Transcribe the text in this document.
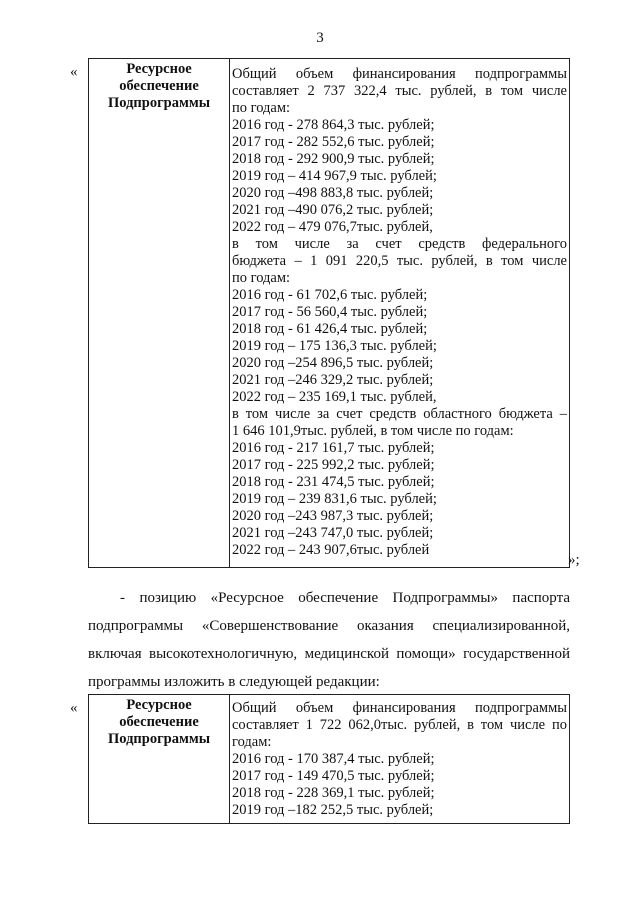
3
«	Ресурсное
обеспечение
Подпрограммы

Общий объем финансирования подпрограммы
составляет 2 737 322,4 тыс. рублей, в том числе
по годам:
2016 год - 278 864,3 тыс. рублей;
2017 год - 282 552,6 тыс. рублей;
2018 год - 292 900,9 тыс. рублей;
2019 год – 414 967,9 тыс. рублей;
2020 год –498 883,8 тыс. рублей;
2021 год –490 076,2 тыс. рублей;
2022 год – 479 076,7тыс. рублей,
в том числе за счет средств федерального
бюджета – 1 091 220,5 тыс. рублей, в том числе
по годам:
2016 год - 61 702,6 тыс. рублей;
2017 год - 56 560,4 тыс. рублей;
2018 год - 61 426,4 тыс. рублей;
2019 год – 175 136,3 тыс. рублей;
2020 год –254 896,5 тыс. рублей;
2021 год –246 329,2 тыс. рублей;
2022 год – 235 169,1 тыс. рублей,
в том числе за счет средств областного бюджета –
1 646 101,9тыс. рублей, в том числе по годам:
2016 год - 217 161,7 тыс. рублей;
2017 год - 225 992,2 тыс. рублей;
2018 год - 231 474,5 тыс. рублей;
2019 год – 239 831,6 тыс. рублей;
2020 год –243 987,3 тыс. рублей;
2021 год –243 747,0 тыс. рублей;
2022 год – 243 907,6тыс. рублей
»;
- позицию «Ресурсное обеспечение Подпрограммы» паспорта
подпрограммы «Совершенствование оказания специализированной,
включая высокотехнологичную, медицинской помощи» государственной
программы изложить в следующей редакции:
«	Ресурсное
обеспечение
Подпрограммы

Общий объем финансирования подпрограммы
составляет 1 722 062,0тыс. рублей, в том числе по
годам:
2016 год - 170 387,4 тыс. рублей;
2017 год - 149 470,5 тыс. рублей;
2018 год - 228 369,1 тыс. рублей;
2019 год –182 252,5 тыс. рублей;
